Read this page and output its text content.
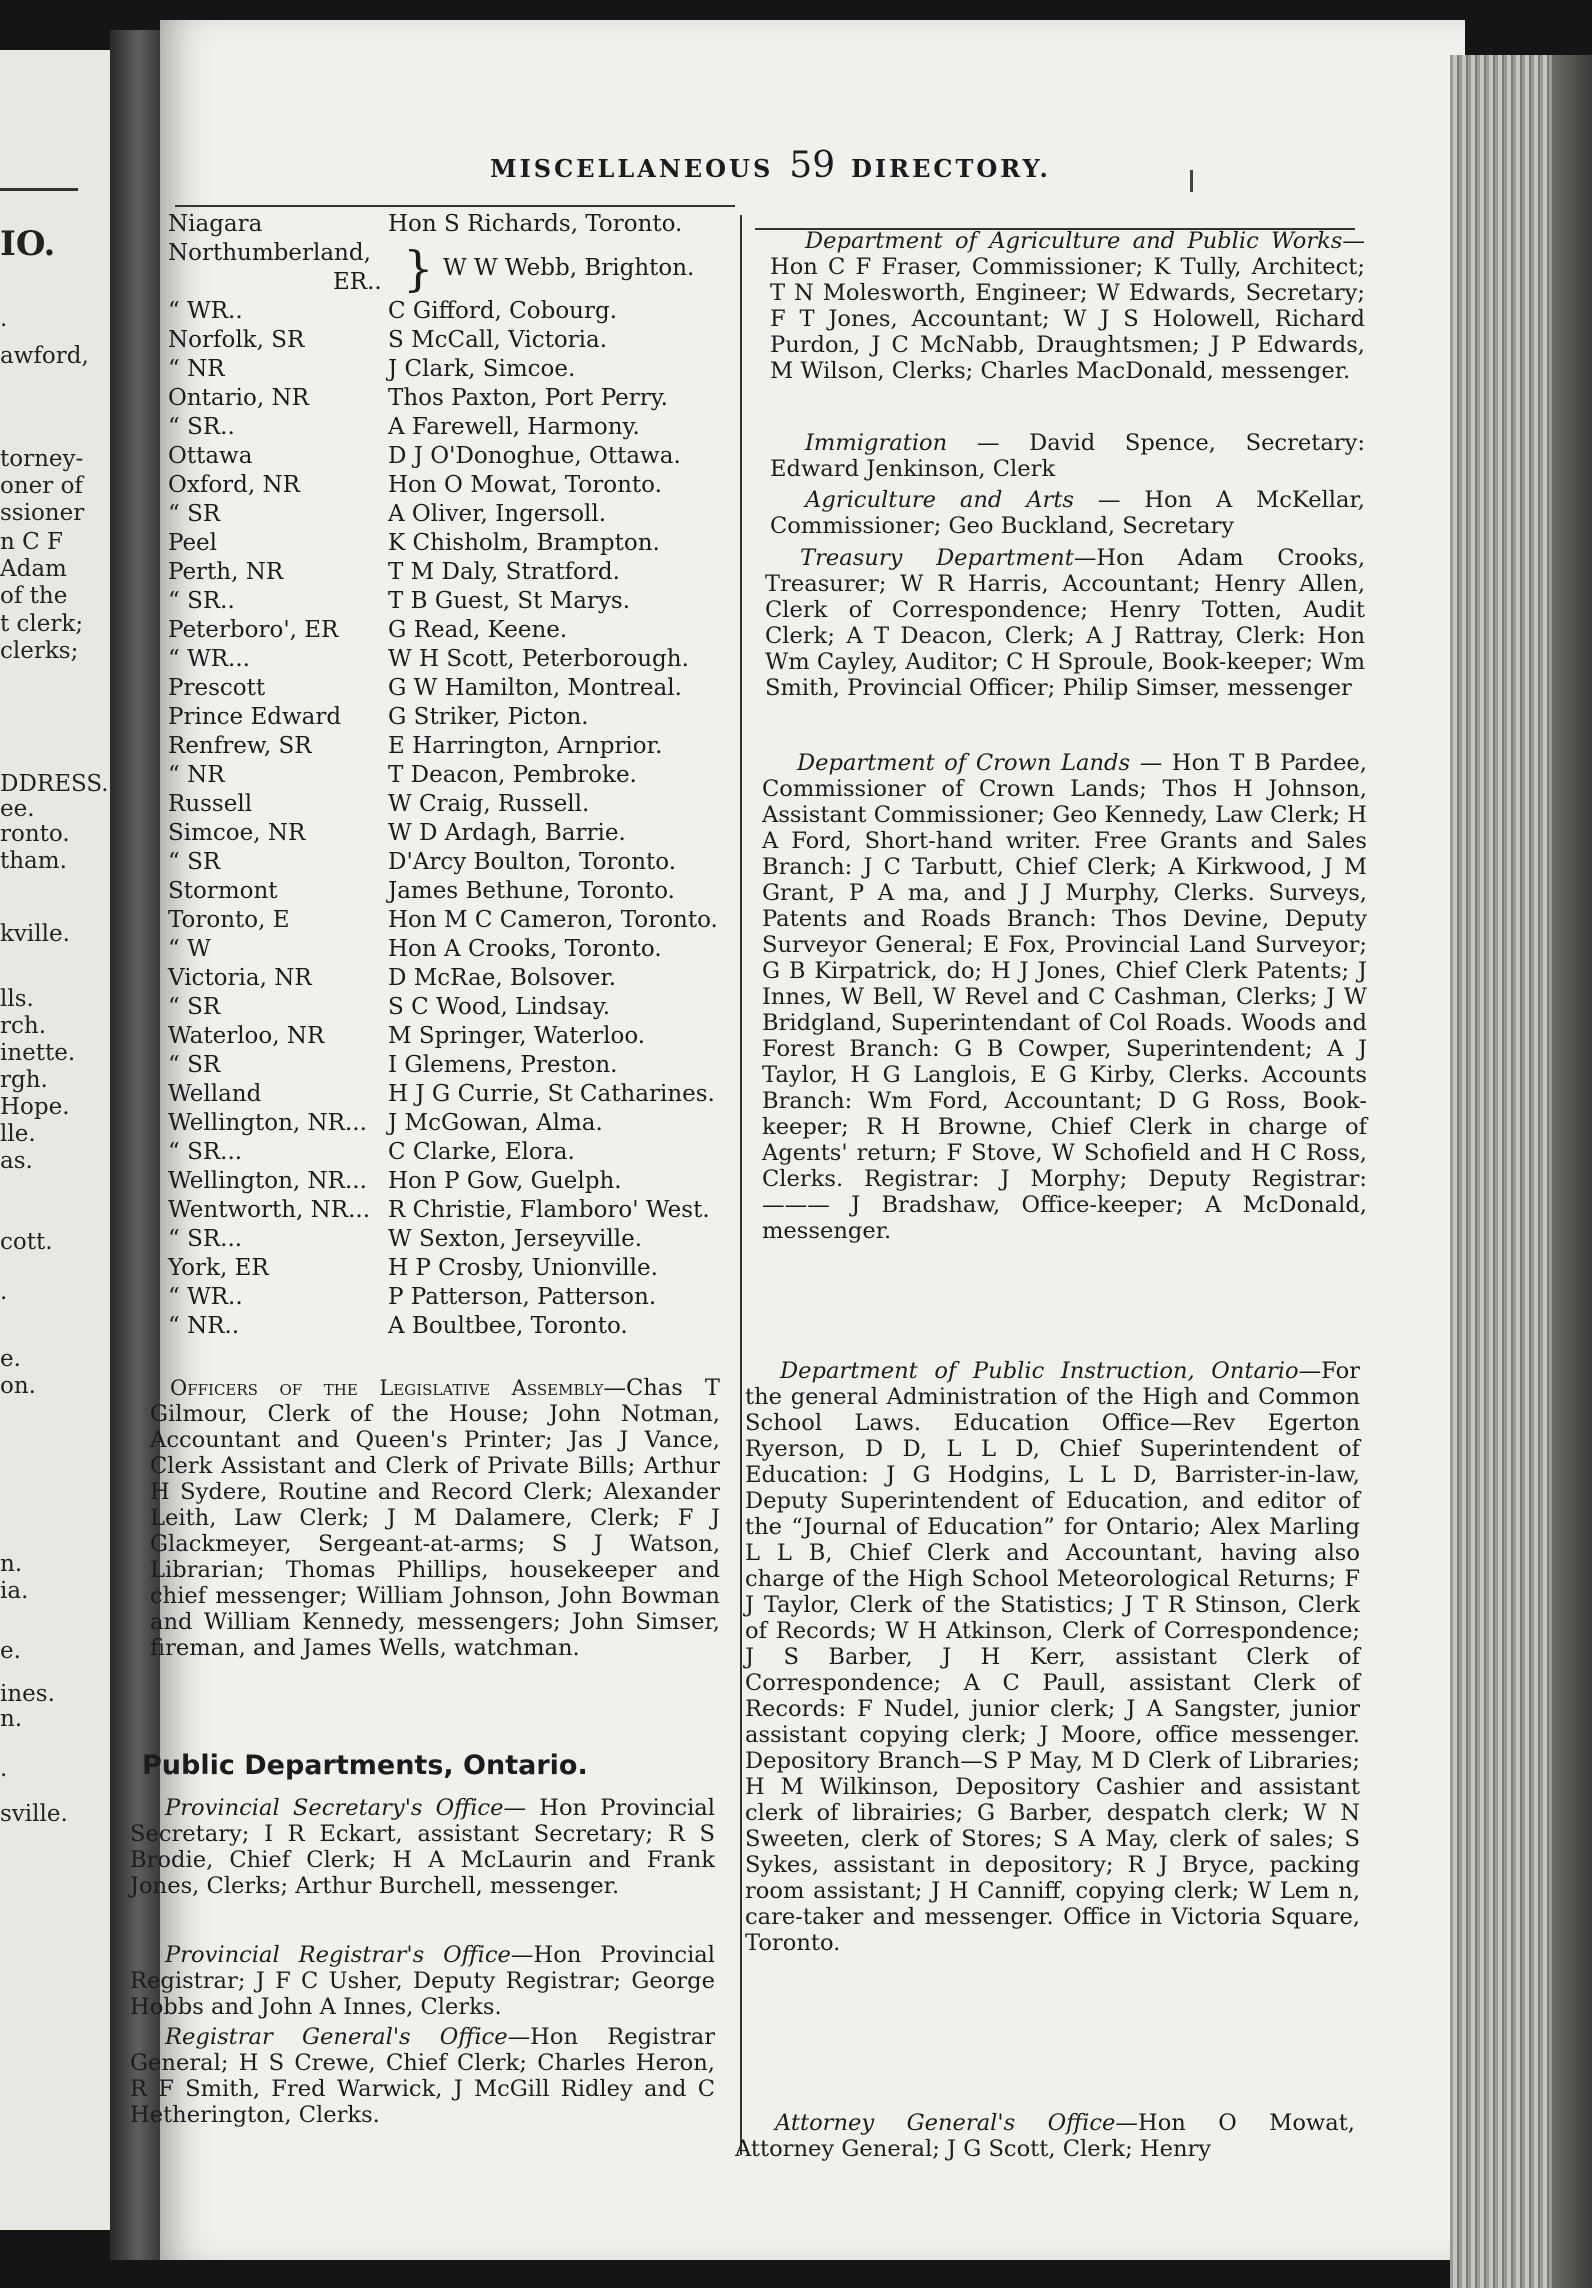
IO.
.
awford,
torney-
oner of
ssioner
n C F
Adam
of the
t clerk;
clerks;
DDRESS.
ee.
ronto.
tham.
kville.
lls.
rch.
inette.
rgh.
Hope.
lle.
as.
cott.
.
e.
on.
n.
ia.
e.
ines.
n.
.
sville.
MISCELLANEOUS 59 DIRECTORY.
Niagara	Hon S Richards, Toronto.
Northumberland,
ER.. } W W Webb, Brighton.
“ WR..	C Gifford, Cobourg.
Norfolk, SR	S McCall, Victoria.
“ NR	J Clark, Simcoe.
Ontario, NR	Thos Paxton, Port Perry.
“ SR..	A Farewell, Harmony.
Ottawa	D J O'Donoghue, Ottawa.
Oxford, NR	Hon O Mowat, Toronto.
“ SR	A Oliver, Ingersoll.
Peel	K Chisholm, Brampton.
Perth, NR	T M Daly, Stratford.
“ SR..	T B Guest, St Marys.
Peterboro', ER G Read, Keene.
“ WR...	W H Scott, Peterborough.
Prescott	G W Hamilton, Montreal.
Prince Edward G Striker, Picton.
Renfrew, SR	E Harrington, Arnprior.
“ NR	T Deacon, Pembroke.
Russell	W Craig, Russell.
Simcoe, NR	W D Ardagh, Barrie.
“ SR	D'Arcy Boulton, Toronto.
Stormont	James Bethune, Toronto.
Toronto, E	Hon M C Cameron, Toronto.
“ W	Hon A Crooks, Toronto.
Victoria, NR	D McRae, Bolsover.
“ SR	S C Wood, Lindsay.
Waterloo, NR	M Springer, Waterloo.
“ SR	I Glemens, Preston.
Welland	H J G Currie, St Catharines.
Wellington, NR... J McGowan, Alma.
“ SR...	C Clarke, Elora.
Wellington, NR... Hon P Gow, Guelph.
Wentworth, NR... R Christie, Flamboro' West.
“ SR...	W Sexton, Jerseyville.
York, ER	H P Crosby, Unionville.
“ WR..	P Patterson, Patterson.
“ NR..	A Boultbee, Toronto.
Officers of the Legislative Assembly—Chas T Gilmour, Clerk of the House; John Notman, Accountant and Queen's Printer; Jas J Vance, Clerk Assistant and Clerk of Private Bills; Arthur H Sydere, Routine and Record Clerk; Alexander Leith, Law Clerk; J M Dalamere, Clerk; F J Glackmeyer, Sergeant-at-arms; S J Watson, Librarian; Thomas Phillips, housekeeper and chief messenger; William Johnson, John Bowman and William Kennedy, messengers; John Simser, fireman, and James Wells, watchman.
Public Departments, Ontario.
Provincial Secretary's Office— Hon Provincial Secretary; I R Eckart, assistant Secretary; R S Brodie, Chief Clerk; H A McLaurin and Frank Jones, Clerks; Arthur Burchell, messenger.
Provincial Registrar's Office—Hon Provincial Registrar; J F C Usher, Deputy Registrar; George Hobbs and John A Innes, Clerks.
Registrar General's Office—Hon Registrar General; H S Crewe, Chief Clerk; Charles Heron, R F Smith, Fred Warwick, J McGill Ridley and C Hetherington, Clerks.
Department of Agriculture and Public Works—Hon C F Fraser, Commissioner; K Tully, Architect; T N Molesworth, Engineer; W Edwards, Secretary; F T Jones, Accountant; W J S Holowell, Richard Purdon, J C McNabb, Draughtsmen; J P Edwards, M Wilson, Clerks; Charles MacDonald, messenger.
Immigration — David Spence, Secretary: Edward Jenkinson, Clerk
Agriculture and Arts — Hon A McKellar, Commissioner; Geo Buckland, Secretary
Treasury Department—Hon Adam Crooks, Treasurer; W R Harris, Accountant; Henry Allen, Clerk of Correspondence; Henry Totten, Audit Clerk; A T Deacon, Clerk; A J Rattray, Clerk: Hon Wm Cayley, Auditor; C H Sproule, Book-keeper; Wm Smith, Provincial Officer; Philip Simser, messenger
Department of Crown Lands — Hon T B Pardee, Commissioner of Crown Lands; Thos H Johnson, Assistant Commissioner; Geo Kennedy, Law Clerk; H A Ford, Short-hand writer. Free Grants and Sales Branch: J C Tarbutt, Chief Clerk; A Kirkwood, J M Grant, P A ma, and J J Murphy, Clerks. Surveys, Patents and Roads Branch: Thos Devine, Deputy Surveyor General; E Fox, Provincial Land Surveyor; G B Kirpatrick, do; H J Jones, Chief Clerk Patents; J Innes, W Bell, W Revel and C Cashman, Clerks; J W Bridgland, Superintendant of Col Roads. Woods and Forest Branch: G B Cowper, Superintendent; A J Taylor, H G Langlois, E G Kirby, Clerks. Accounts Branch: Wm Ford, Accountant; D G Ross, Book-keeper; R H Browne, Chief Clerk in charge of Agents' return; F Stove, W Schofield and H C Ross, Clerks. Registrar: J Morphy; Deputy Registrar: ——— J Bradshaw, Office-keeper; A McDonald, messenger.
Department of Public Instruction, Ontario—For the general Administration of the High and Common School Laws. Education Office—Rev Egerton Ryerson, D D, L L D, Chief Superintendent of Education: J G Hodgins, L L D, Barrister-in-law, Deputy Superintendent of Education, and editor of the “Journal of Education” for Ontario; Alex Marling L L B, Chief Clerk and Accountant, having also charge of the High School Meteorological Returns; F J Taylor, Clerk of the Statistics; J T R Stinson, Clerk of Records; W H Atkinson, Clerk of Correspondence; J S Barber, J H Kerr, assistant Clerk of Correspondence; A C Paull, assistant Clerk of Records: F Nudel, junior clerk; J A Sangster, junior assistant copying clerk; J Moore, office messenger. Depository Branch—S P May, M D Clerk of Libraries; H M Wilkinson, Depository Cashier and assistant clerk of librairies; G Barber, despatch clerk; W N Sweeten, clerk of Stores; S A May, clerk of sales; S Sykes, assistant in depository; R J Bryce, packing room assistant; J H Canniff, copying clerk; W Lem n, care-taker and messenger. Office in Victoria Square, Toronto.
Attorney General's Office—Hon O Mowat, Attorney General; J G Scott, Clerk; Henry
